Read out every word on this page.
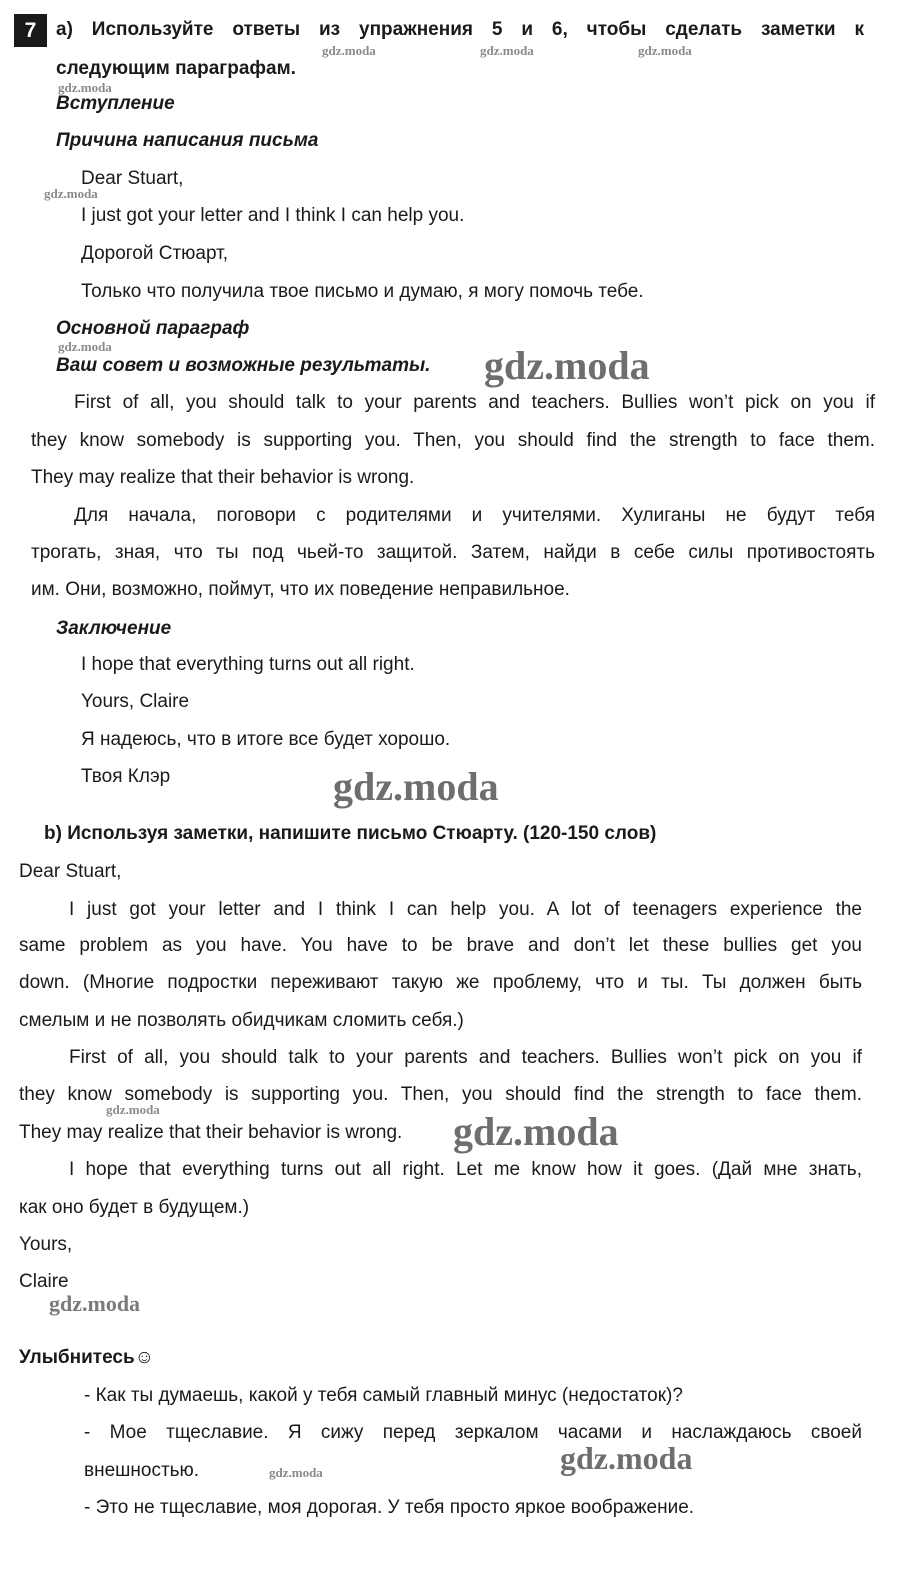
7	a) Используйте ответы из упражнения 5 и 6, чтобы сделать заметки к
следующим параграфам.
Вступление
Причина написания письма
Dear Stuart,
I just got your letter and I think I can help you.
Дорогой Стюарт,
Только что получила твое письмо и думаю, я могу помочь тебе.
Основной параграф
Ваш совет и возможные результаты.
First of all, you should talk to your parents and teachers. Bullies won’t pick on you if
they know somebody is supporting you. Then, you should find the strength to face them.
They may realize that their behavior is wrong.
Для начала, поговори с родителями и учителями. Хулиганы не будут тебя
трогать, зная, что ты под чьей-то защитой. Затем, найди в себе силы противостоять
им. Они, возможно, поймут, что их поведение неправильное.
Заключение
I hope that everything turns out all right.
Yours, Claire
Я надеюсь, что в итоге все будет хорошо.
Твоя Клэр
b) Используя заметки, напишите письмо Стюарту. (120-150 слов)
Dear Stuart,
I just got your letter and I think I can help you. A lot of teenagers experience the
same problem as you have. You have to be brave and don’t let these bullies get you
down. (Многие подростки переживают такую же проблему, что и ты. Ты должен быть
смелым и не позволять обидчикам сломить себя.)
First of all, you should talk to your parents and teachers. Bullies won’t pick on you if
they know somebody is supporting you. Then, you should find the strength to face them.
They may realize that their behavior is wrong.
I hope that everything turns out all right. Let me know how it goes. (Дай мне знать,
как оно будет в будущем.)
Yours,
Claire
Улыбнитесь☺
- Как ты думаешь, какой у тебя самый главный минус (недостаток)?
- Мое тщеславие. Я сижу перед зеркалом часами и наслаждаюсь своей
внешностью.
- Это не тщеславие, моя дорогая. У тебя просто яркое воображение.
gdz.moda	gdz.moda	gdz.moda
gdz.moda
gdz.moda
gdz.moda	gdz.moda
gdz.moda
gdz.moda	gdz.moda
gdz.moda
gdz.moda	gdz.moda
